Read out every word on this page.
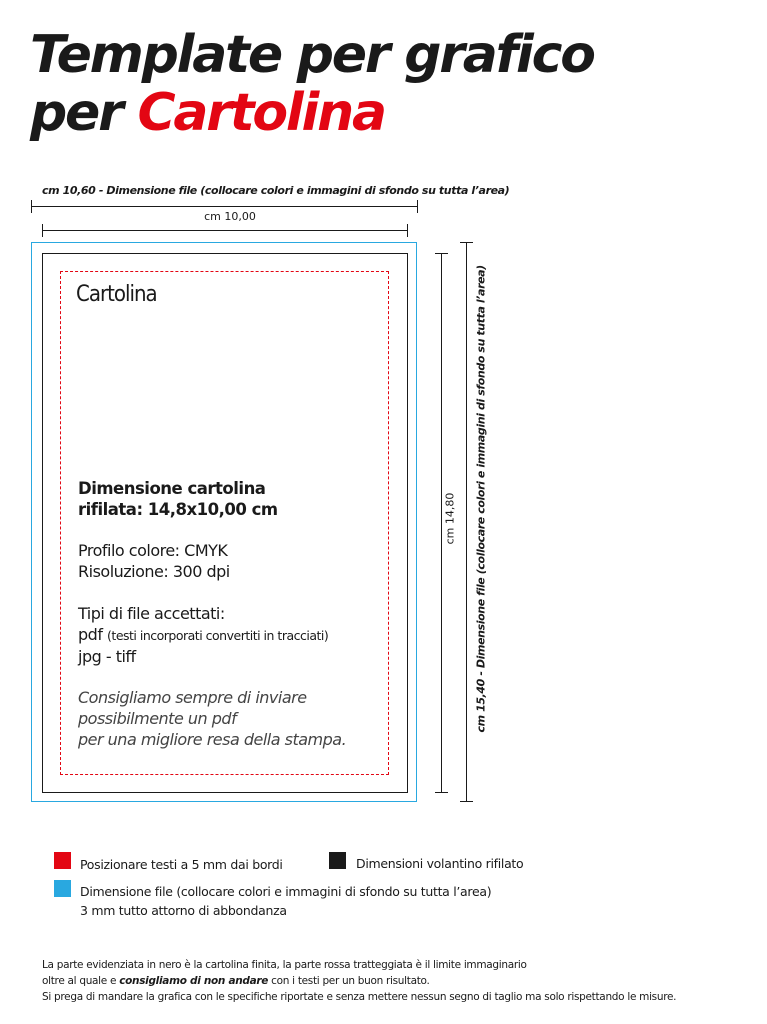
Template per grafico
per Cartolina
cm 10,60 - Dimensione file (collocare colori e immagini di sfondo su tutta l’area)
cm 10,00
Cartolina
Dimensione cartolina
rifilata: 14,8x10,00 cm
Profilo colore: CMYK
Risoluzione: 300 dpi
Tipi di file accettati:
pdf (testi incorporati convertiti in tracciati)
jpg - tiff
Consigliamo sempre di inviare
possibilmente un pdf
per una migliore resa della stampa.
cm 14,80 cm 15,40 - Dimensione file (collocare colori e immagini di sfondo su tutta l’area)
Posizionare testi a 5 mm dai bordi	Dimensioni volantino rifilato
Dimensione file (collocare colori e immagini di sfondo su tutta l’area)
3 mm tutto attorno di abbondanza
La parte evidenziata in nero è la cartolina finita, la parte rossa tratteggiata è il limite immaginario
oltre al quale e consigliamo di non andare con i testi per un buon risultato.
Si prega di mandare la grafica con le specifiche riportate e senza mettere nessun segno di taglio ma solo rispettando le misure.
